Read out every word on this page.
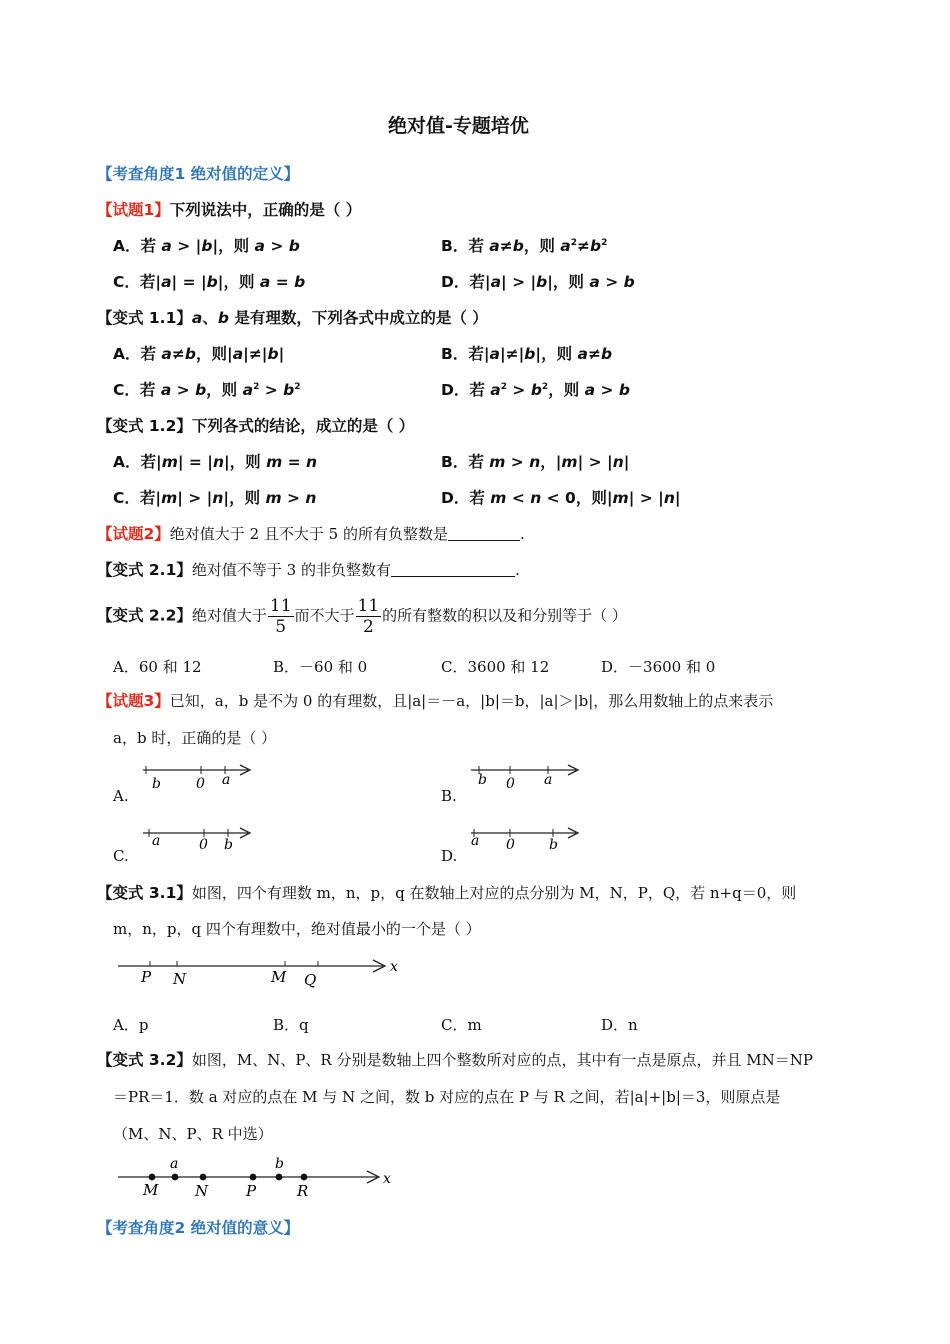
绝对值-专题培优
【考查角度1 绝对值的定义】
【试题1】下列说法中，正确的是（ ）
A．若 a > |b|，则 a > b	B．若 a≠b，则 $a^2\ne b^2$
C．若|a| = |b|，则 a = b	D．若|a| > |b|，则 a > b
【变式 1.1】a、b 是有理数，下列各式中成立的是（ ）
A．若 a≠b，则|a|≠|b|	B．若|a|≠|b|，则 a≠b
C．若 a > b，则 $a^2 > b^2$	D．若 $a^2 > b^2$，则 a > b
【变式 1.2】下列各式的结论，成立的是（ ）
A．若|m| = |n|，则 m = n	B．若 m > n，|m| > |n|
C．若|m| > |n|，则 m > n	D．若 m < n < 0，则|m| > |n|
【试题2】绝对值大于 2 且不大于 5 的所有负整数是	.
【变式 2.1】绝对值不等于 3 的非负整数有	.
【变式 2.2】绝对值大于 $\frac{11}{5}$ 而不大于 $\frac{11}{2}$ 的所有整数的积以及和分别等于（ ）
A．60 和 12	B．－60 和 0	C．3600 和 12	D．－3600 和 0
【试题3】已知，a，b 是不为 0 的有理数，且|a|＝－a，|b|＝b，|a|＞|b|，那么用数轴上的点来表示
a，b 时，正确的是（ ）
A.
b	0 a
B.
b 0 a
C.
a	0 b
D.
a 0 b
【变式 3.1】如图，四个有理数 m，n，p，q 在数轴上对应的点分别为 M，N，P，Q，若 n+q＝0，则
m，n，p，q 四个有理数中，绝对值最小的一个是（ ）
P N	M Q
x
A．p	B．q	C．m	D．n
【变式 3.2】如图，M、N、P、R 分别是数轴上四个整数所对应的点，其中有一点是原点，并且 MN＝NP
＝PR＝1．数 a 对应的点在 M 与 N 之间，数 b 对应的点在 P 与 R 之间，若|a|+|b|＝3，则原点是
（M、N、P、R 中选）
M
a
N	P
b
R
x
【考查角度2 绝对值的意义】
